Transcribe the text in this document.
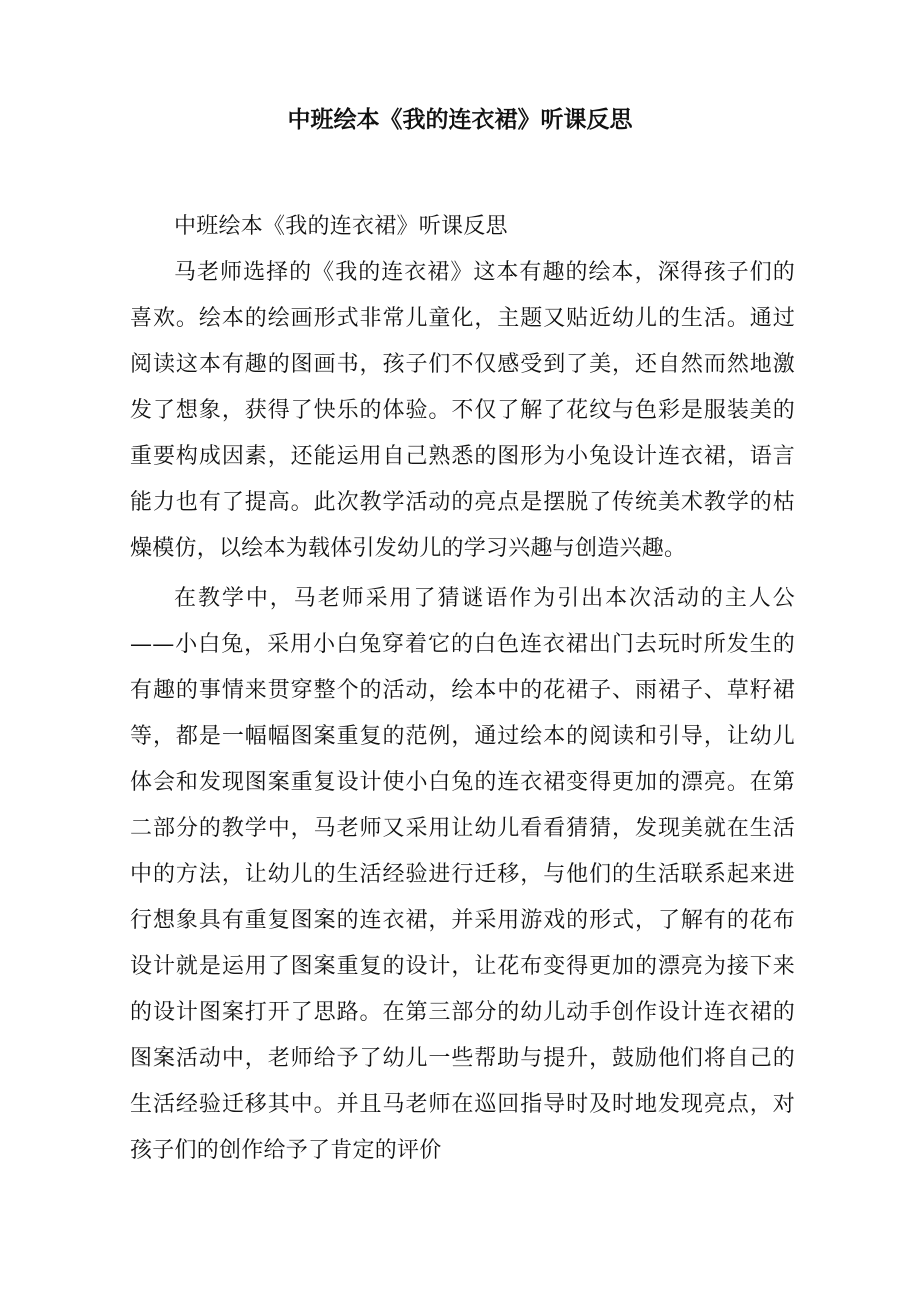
中班绘本《我的连衣裙》听课反思

中班绘本《我的连衣裙》听课反思

马老师选择的《我的连衣裙》这本有趣的绘本，深得孩子们的喜欢。绘本的绘画形式非常儿童化，主题又贴近幼儿的生活。通过阅读这本有趣的图画书，孩子们不仅感受到了美，还自然而然地激发了想象，获得了快乐的体验。不仅了解了花纹与色彩是服装美的重要构成因素，还能运用自己熟悉的图形为小兔设计连衣裙，语言能力也有了提高。此次教学活动的亮点是摆脱了传统美术教学的枯燥模仿，以绘本为载体引发幼儿的学习兴趣与创造兴趣。

在教学中，马老师采用了猜谜语作为引出本次活动的主人公——小白兔，采用小白兔穿着它的白色连衣裙出门去玩时所发生的有趣的事情来贯穿整个的活动，绘本中的花裙子、雨裙子、草籽裙等，都是一幅幅图案重复的范例，通过绘本的阅读和引导，让幼儿体会和发现图案重复设计使小白兔的连衣裙变得更加的漂亮。在第二部分的教学中，马老师又采用让幼儿看看猜猜，发现美就在生活中的方法，让幼儿的生活经验进行迁移，与他们的生活联系起来进行想象具有重复图案的连衣裙，并采用游戏的形式，了解有的花布设计就是运用了图案重复的设计，让花布变得更加的漂亮为接下来的设计图案打开了思路。在第三部分的幼儿动手创作设计连衣裙的图案活动中，老师给予了幼儿一些帮助与提升，鼓励他们将自己的生活经验迁移其中。并且马老师在巡回指导时及时地发现亮点，对孩子们的创作给予了肯定的评价
